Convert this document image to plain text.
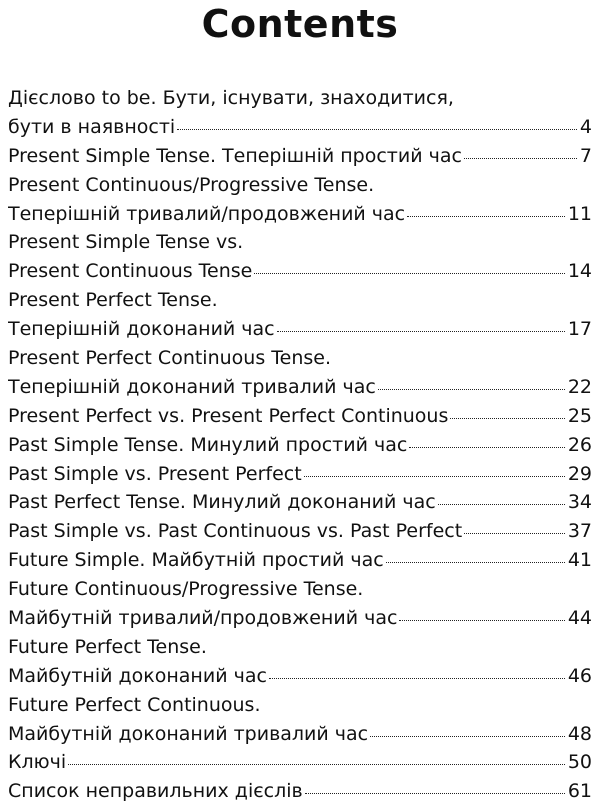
Contents
Дієслово to be. Бути, існувати, знаходитися,
бути в наявності	4
Present Simple Tense. Теперішній простий час	7
Present Continuous/Progressive Tense.
Теперішній тривалий/продовжений час	11
Present Simple Tense vs.
Present Continuous Tense	14
Present Perfect Tense.
Теперішній доконаний час	17
Present Perfect Continuous Tense.
Теперішній доконаний тривалий час	22
Present Perfect vs. Present Perfect Continuous	25
Past Simple Tense. Минулий простий час	26
Past Simple vs. Present Perfect	29
Past Perfect Tense. Минулий доконаний час	34
Past Simple vs. Past Continuous vs. Past Perfect	37
Future Simple. Майбутній простий час	41
Future Continuous/Progressive Tense.
Майбутній тривалий/продовжений час	44
Future Perfect Tense.
Майбутній доконаний час	46
Future Perfect Continuous.
Майбутній доконаний тривалий час	48
Ключі	50
Список неправильних дієслів	61
